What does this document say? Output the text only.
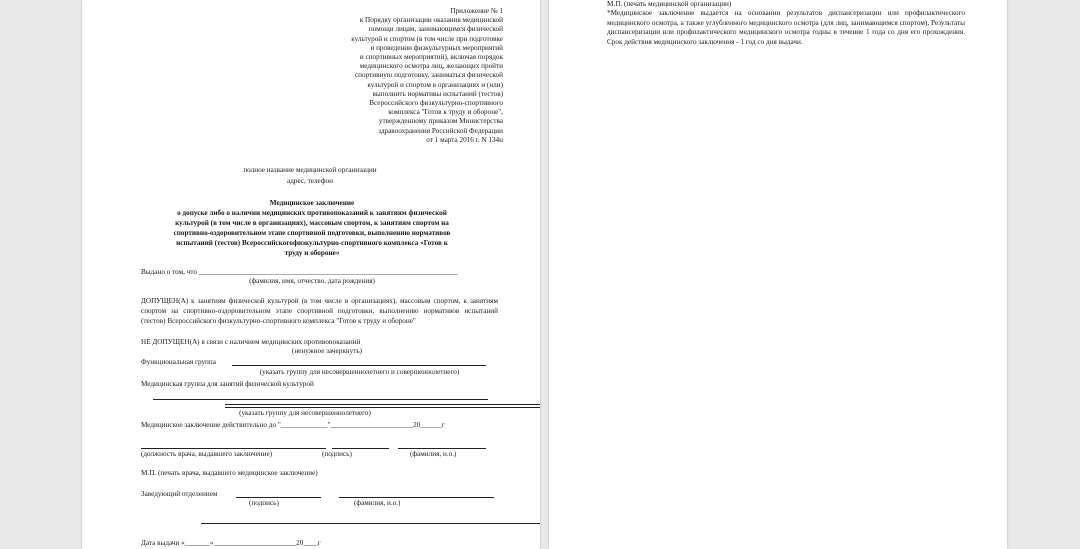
Приложение № 1
к Порядку организации оказания медицинской
помощи лицам, занимающимся физической
культурой и спортом (в том числе при подготовке
и проведении физкультурных мероприятий
и спортивных мероприятий), включая порядок
медицинского осмотра лиц, желающих пройти
спортивную подготовку, заниматься физической
культурой и спортом в организациях и (или)
выполнить нормативы испытаний (тестов)
Всероссийского физкультурно-спортивного
комплекса "Готов к труду и обороне",
утвержденному приказом Министерства
здравоохранения Российской Федерации
от 1 марта 2016 г. N 134н
полное название медицинской организации
адрес, телефон
Медицинское заключение
о допуске либо о наличии медицинских противопоказаний к занятиям физической
культурой (в том числе в организациях), массовым спортом, к занятиям спортом на
спортивно-оздоровительном этапе спортивной подготовки, выполнению нормативов
испытаний (тестов) Всероссийскогофизкультурно-спортивного комплекса «Готов к
труду и обороне»
Выдано о том, что ________________________________________________________________________
(фамилия, имя, отчество, дата рождения)
ДОПУЩЕН(А) к занятиям физической культурой (в том числе в организациях), массовым спортом, к занятиям спортом на спортивно-оздоровительном этапе спортивной подготовки, выполнению нормативов испытаний (тестов) Всероссийского физкультурно-спортивного комплекса "Готов к труду и обороне"
НЕ ДОПУЩЕН(А) в связи с наличием медицинских противопоказаний
(ненужное зачеркнуть)
Функциональная группа
(указать группу для несовершеннолетнего и совершеннолетнего)
Медицинская группа для занятий физической культурой
(указать группу для несовершеннолетнего)
Медицинское заключение действительно до "_____________"_______________________20______г
(должность врача, выдавшего заключение)	(подпись)	(фамилия, и.о.)
М.П. (печать врача, выдавшего медицинское заключение)
Заведующий отделением
(подпись)	(фамилия, и.о.)
Дата выдачи «_______»_______________________20____г
М.П. (печать медицинской организации)
*Медицинское заключение выдается на основании результатов диспансеризации или профилактического медицинского осмотра, а также углубленного медицинского осмотра (для лиц, занимающимся спортом), Результаты диспансеризации или профилактического медицинского осмотра годны в течение 1 года со дня его прохождения. Срок действия медицинского заключения - 1 год со дня выдачи.
